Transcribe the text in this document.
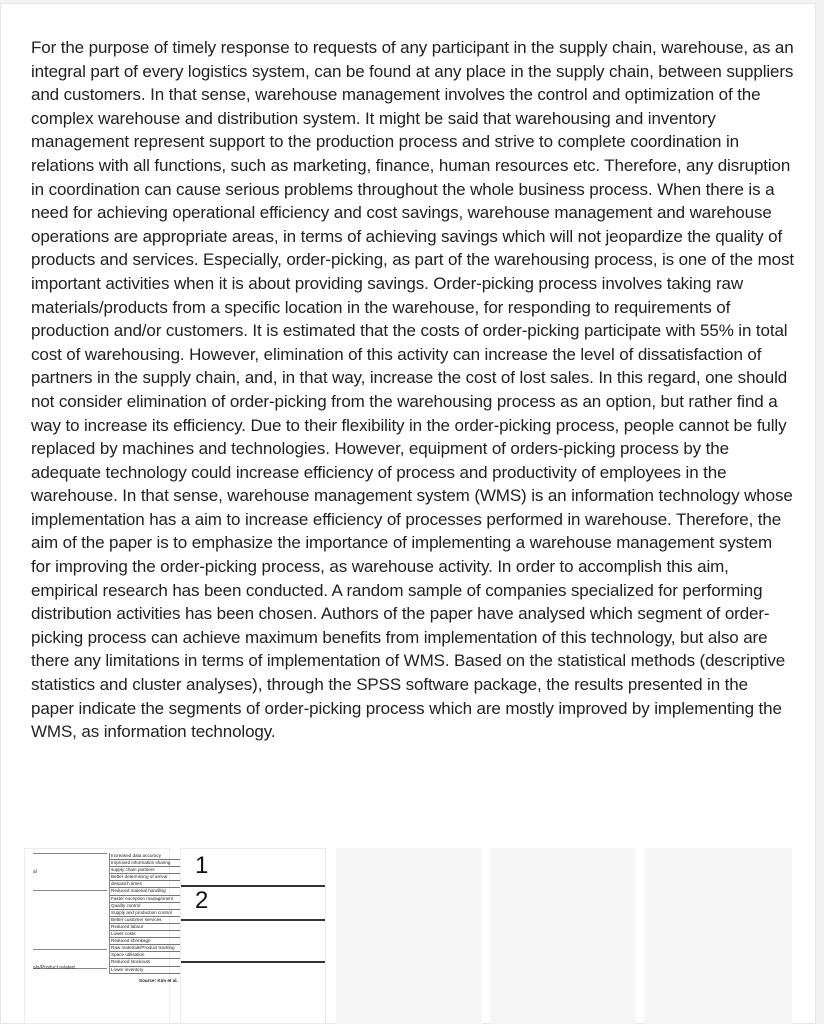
For the purpose of timely response to requests of any participant in the supply chain, warehouse, as an integral part of every logistics system, can be found at any place in the supply chain, between suppliers and customers. In that sense, warehouse management involves the control and optimization of the complex warehouse and distribution system. It might be said that warehousing and inventory management represent support to the production process and strive to complete coordination in relations with all functions, such as marketing, finance, human resources etc. Therefore, any disruption in coordination can cause serious problems throughout the whole business process. When there is a need for achieving operational efficiency and cost savings, warehouse management and warehouse operations are appropriate areas, in terms of achieving savings which will not jeopardize the quality of products and services. Especially, order-picking, as part of the warehousing process, is one of the most important activities when it is about providing savings. Order-picking process involves taking raw materials/products from a specific location in the warehouse, for responding to requirements of production and/or customers. It is estimated that the costs of order-picking participate with 55% in total cost of warehousing. However, elimination of this activity can increase the level of dissatisfaction of partners in the supply chain, and, in that way, increase the cost of lost sales. In this regard, one should not consider elimination of order-picking from the warehousing process as an option, but rather find a way to increase its efficiency. Due to their flexibility in the order-picking process, people cannot be fully replaced by machines and technologies. However, equipment of orders-picking process by the adequate technology could increase efficiency of process and productivity of employees in the warehouse. In that sense, warehouse management system (WMS) is an information technology whose implementation has a aim to increase efficiency of processes performed in warehouse. Therefore, the aim of the paper is to emphasize the importance of implementing a warehouse management system for improving the order-picking process, as warehouse activity. In order to accomplish this aim, empirical research has been conducted. A random sample of companies specialized for performing distribution activities has been chosen. Authors of the paper have analysed which segment of order-picking process can achieve maximum benefits from implementation of this technology, but also are there any limitations in terms of implementation of WMS. Based on the statistical methods (descriptive statistics and cluster analyses), through the SPSS software package, the results presented in the paper indicate the segments of order-picking process which are mostly improved by implementing the WMS, as information technology.

al
als/Product related
Increased data accuracy
Improved information sharing
supply chain partners
Better determining of arrival
despatch times
Reduced material handling
Faster exception management
Quality control
Supply and production control
Better customer services
Reduced labour
Lower costs
Reduced shrinkage
Raw materials/Product tracking
Space utilisation
Reduced stockouts
Lower inventory
Source: Kim et al.
1
2
